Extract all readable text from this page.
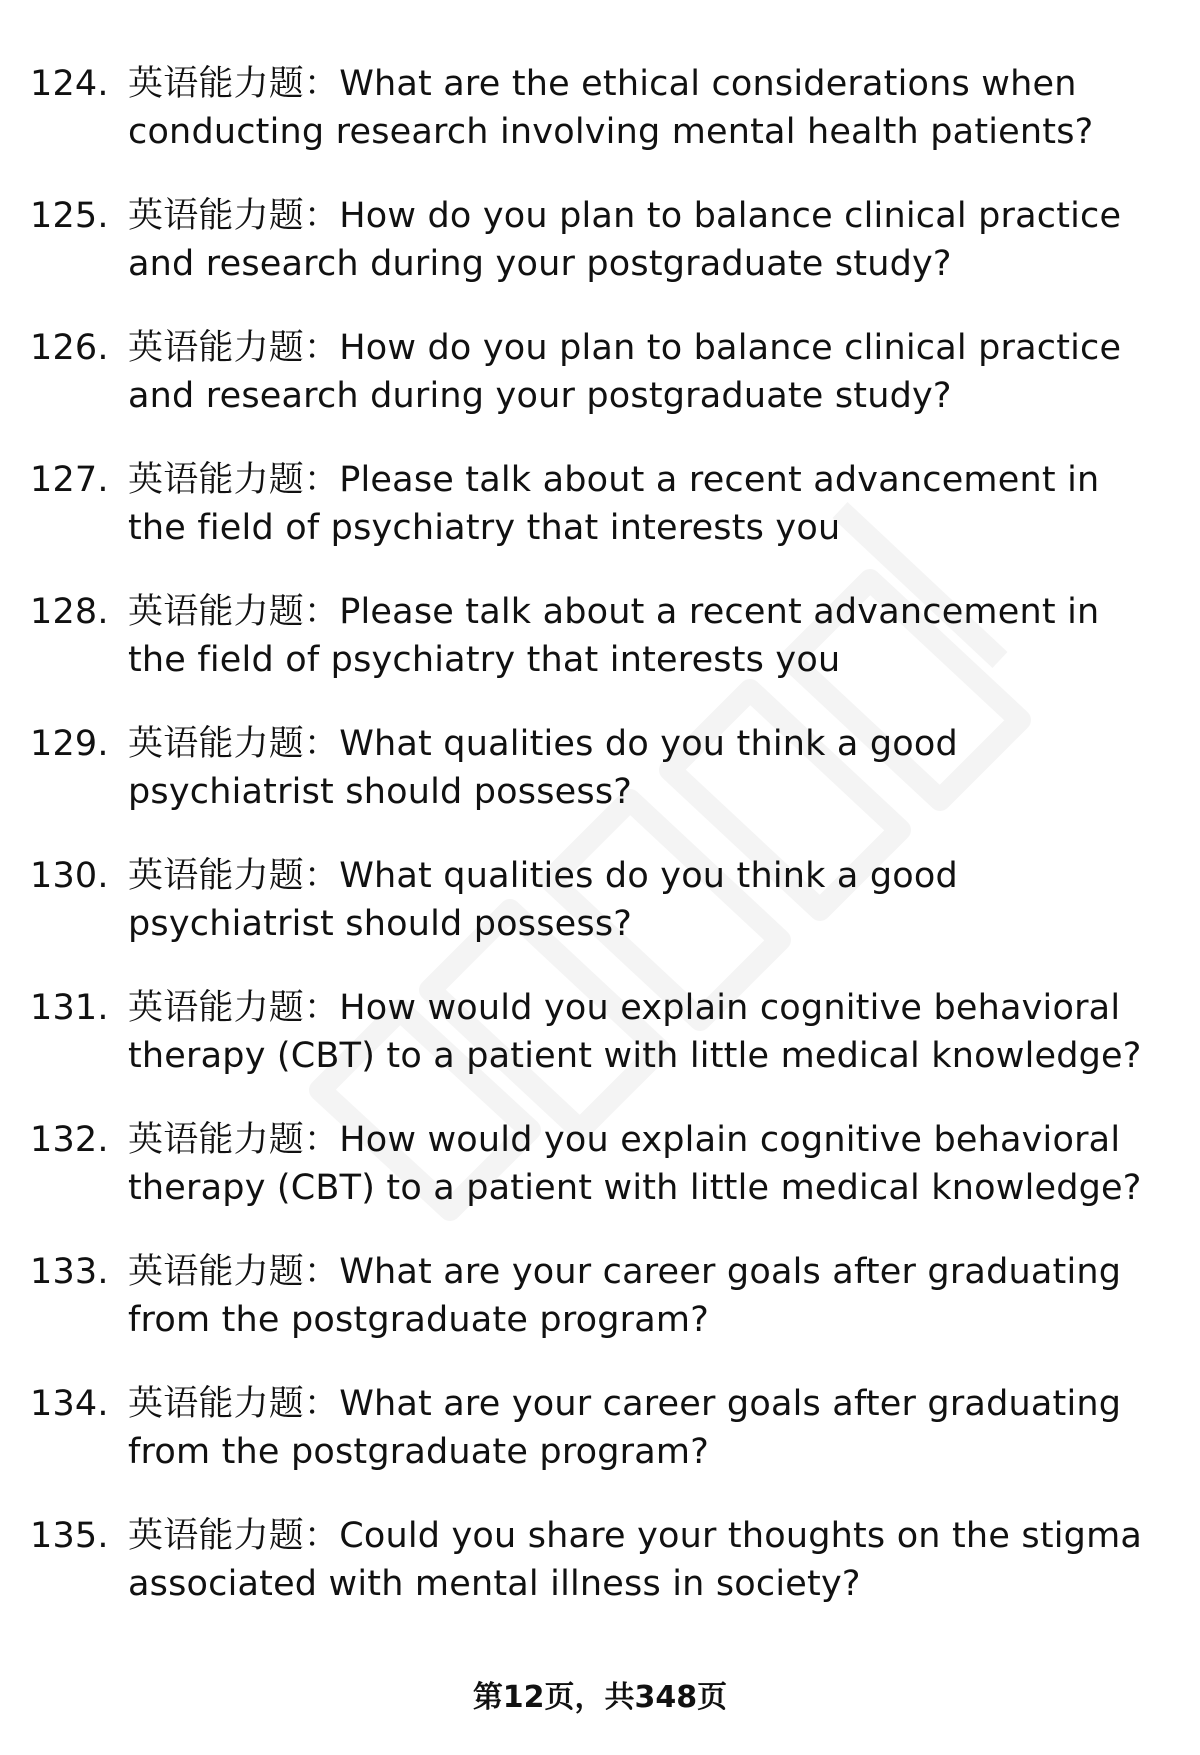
124. 英语能力题：What are the ethical considerations when conducting research involving mental health patients?
125. 英语能力题：How do you plan to balance clinical practice and research during your postgraduate study?
126. 英语能力题：How do you plan to balance clinical practice and research during your postgraduate study?
127. 英语能力题：Please talk about a recent advancement in the field of psychiatry that interests you
128. 英语能力题：Please talk about a recent advancement in the field of psychiatry that interests you
129. 英语能力题：What qualities do you think a good psychiatrist should possess?
130. 英语能力题：What qualities do you think a good psychiatrist should possess?
131. 英语能力题：How would you explain cognitive behavioral therapy (CBT) to a patient with little medical knowledge?
132. 英语能力题：How would you explain cognitive behavioral therapy (CBT) to a patient with little medical knowledge?
133. 英语能力题：What are your career goals after graduating from the postgraduate program?
134. 英语能力题：What are your career goals after graduating from the postgraduate program?
135. 英语能力题：Could you share your thoughts on the stigma associated with mental illness in society?
第12页，共348页
